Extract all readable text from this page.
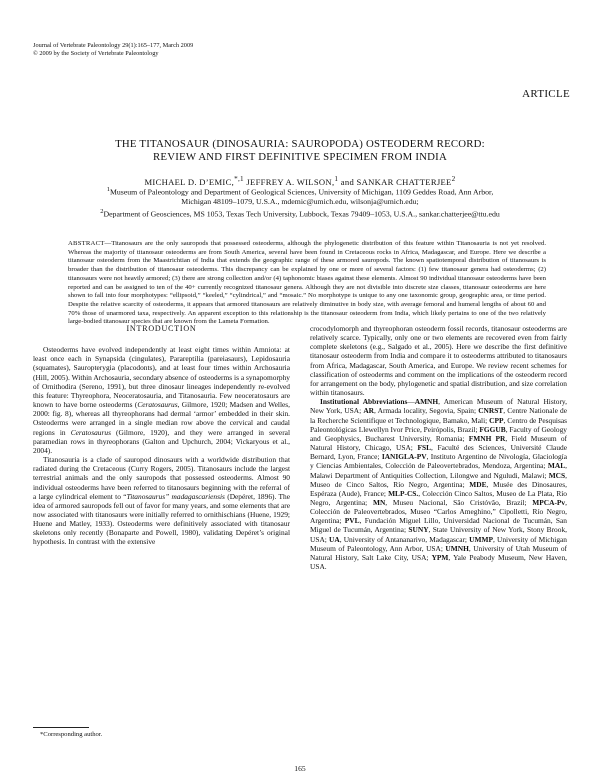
Journal of Vertebrate Paleontology 29(1):165–177, March 2009
© 2009 by the Society of Vertebrate Paleontology
ARTICLE
THE TITANOSAUR (DINOSAURIA: SAUROPODA) OSTEODERM RECORD:
REVIEW AND FIRST DEFINITIVE SPECIMEN FROM INDIA
MICHAEL D. D’EMIC,$^{*,1}$ JEFFREY A. WILSON,$^1$ and SANKAR CHATTERJEE$^2$
$^1$Museum of Paleontology and Department of Geological Sciences, University of Michigan, 1109 Geddes Road, Ann Arbor,
Michigan 48109–1079, U.S.A., mdemic@umich.edu, wilsonja@umich.edu;
$^2$Department of Geosciences, MS 1053, Texas Tech University, Lubbock, Texas 79409–1053, U.S.A., sankar.chatterjee@ttu.edu
ABSTRACT—Titanosaurs are the only sauropods that possessed osteoderms, although the phylogenetic distribution of this feature within Titanosauria is not yet resolved. Whereas the majority of titanosaur osteoderms are from South America, several have been found in Cretaceous rocks in Africa, Madagascar, and Europe. Here we describe a titanosaur osteoderm from the Maastrichtian of India that extends the geographic range of these armored sauropods. The known spatiotemporal distribution of titanosaurs is broader than the distribution of titanosaur osteoderms. This discrepancy can be explained by one or more of several factors: (1) few titanosaur genera had osteoderms; (2) titanosaurs were not heavily armored; (3) there are strong collection and/or (4) taphonomic biases against these elements. Almost 90 individual titanosaur osteoderms have been reported and can be assigned to ten of the 40+ currently recognized titanosaur genera. Although they are not divisible into discrete size classes, titanosaur osteoderms are here shown to fall into four morphotypes: “ellipsoid,” “keeled,” “cylindrical,” and “mosaic.” No morphotype is unique to any one taxonomic group, geographic area, or time period. Despite the relative scarcity of osteoderms, it appears that armored titanosaurs are relatively diminutive in body size, with average femoral and humeral lengths of about 60 and 70% those of unarmored taxa, respectively. An apparent exception to this relationship is the titanosaur osteoderm from India, which likely pertains to one of the two relatively large-bodied titanosaur species that are known from the Lameta Formation.

INTRODUCTION

Osteoderms have evolved independently at least eight times within Amniota: at least once each in Synapsida (cingulates), Parareptilia (pareiasaurs), Lepidosauria (squamates), Sauropterygia (placodonts), and at least four times within Archosauria (Hill, 2005). Within Archosauria, secondary absence of osteoderms is a synapomorphy of Ornithodira (Sereno, 1991), but three dinosaur lineages independently re-evolved this feature: Thyreophora, Neoceratosauria, and Titanosauria. Few neoceratosaurs are known to have borne osteoderms (Ceratosaurus, Gilmore, 1920; Madsen and Welles, 2000: fig. 8), whereas all thyreophorans had dermal ‘armor’ embedded in their skin. Osteoderms were arranged in a single median row above the cervical and caudal regions in Ceratosaurus (Gilmore, 1920), and they were arranged in several paramedian rows in thyreophorans (Galton and Upchurch, 2004; Vickaryous et al., 2004).

Titanosauria is a clade of sauropod dinosaurs with a worldwide distribution that radiated during the Cretaceous (Curry Rogers, 2005). Titanosaurs include the largest terrestrial animals and the only sauropods that possessed osteoderms. Almost 90 individual osteoderms have been referred to titanosaurs beginning with the referral of a large cylindrical element to “Titanosaurus” madagascariensis (Depéret, 1896). The idea of armored sauropods fell out of favor for many years, and some elements that are now associated with titanosaurs were initially referred to ornithischians (Huene, 1929; Huene and Matley, 1933). Osteoderms were definitively associated with titanosaur skeletons only recently (Bonaparte and Powell, 1980), validating Depéret’s original hypothesis. In contrast with the extensive

crocodylomorph and thyreophoran osteoderm fossil records, titanosaur osteoderms are relatively scarce. Typically, only one or two elements are recovered even from fairly complete skeletons (e.g., Salgado et al., 2005). Here we describe the first definitive titanosaur osteoderm from India and compare it to osteoderms attributed to titanosaurs from Africa, Madagascar, South America, and Europe. We review recent schemes for classification of osteoderms and comment on the implications of the osteoderm record for arrangement on the body, phylogenetic and spatial distribution, and size correlation within titanosaurs.

Institutional Abbreviations—AMNH, American Museum of Natural History, New York, USA; AR, Armada locality, Segovia, Spain; CNRST, Centre Nationale de la Recherche Scientifique et Technologique, Bamako, Mali; CPP, Centro de Pesquisas Paleontológicas Llewellyn Ivor Price, Peirópolis, Brazil; FGGUB, Faculty of Geology and Geophysics, Bucharest University, Romania; FMNH PR, Field Museum of Natural History, Chicago, USA; FSL, Faculté des Sciences, Université Claude Bernard, Lyon, France; IANIGLA-PV, Instituto Argentino de Nivología, Glaciología y Ciencias Ambientales, Colección de Paleovertebrados, Mendoza, Argentina; MAL, Malawi Department of Antiquities Collection, Lilongwe and Nguludi, Malawi; MCS, Museo de Cinco Saltos, Río Negro, Argentina; MDE, Musée des Dinosaures, Espéraza (Aude), France; MLP-CS., Colección Cinco Saltos, Museo de La Plata, Río Negro, Argentina; MN, Museu Nacional, São Cristóvão, Brazil; MPCA-Pv, Colección de Paleovertebrados, Museo “Carlos Ameghino,” Cipolletti, Río Negro, Argentina; PVL, Fundación Miguel Lillo, Universidad Nacional de Tucumán, San Miguel de Tucumán, Argentina; SUNY, State University of New York, Stony Brook, USA; UA, University of Antananarivo, Madagascar; UMMP, University of Michigan Museum of Paleontology, Ann Arbor, USA; UMNH, University of Utah Museum of Natural History, Salt Lake City, USA; YPM, Yale Peabody Museum, New Haven, USA.

*Corresponding author.
165
